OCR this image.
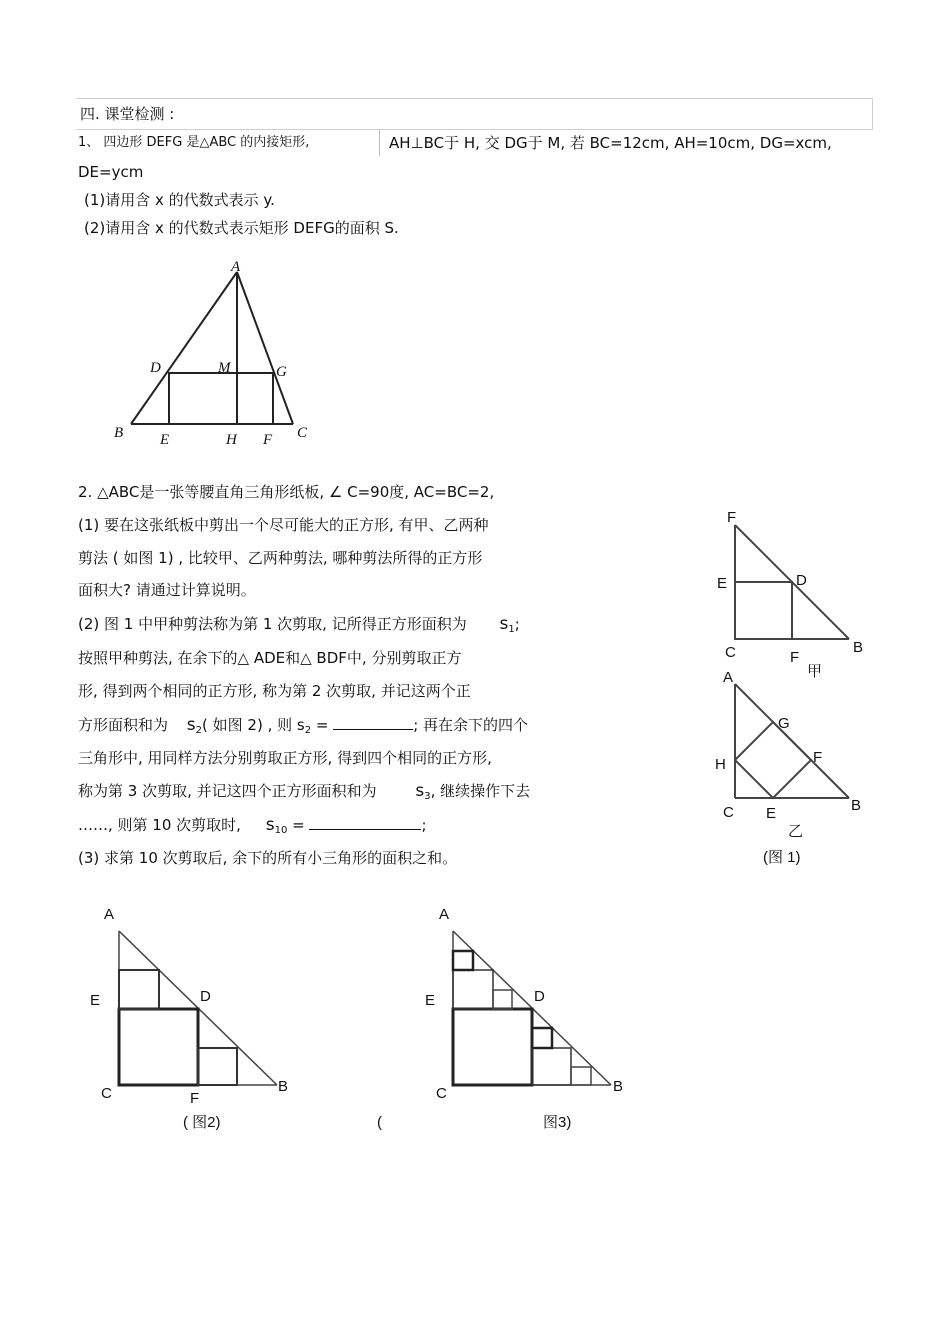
四. 课堂检测 :
1、 四边形 DEFG 是△ABC 的内接矩形,	AH⊥BC于 H, 交 DG于 M, 若 BC=12cm, AH=10cm, DG=xcm,
DE=ycm
(1)请用含 x 的代数式表示 y.
(2)请用含 x 的代数式表示矩形 DEFG的面积 S.
A
D	M	G
B E	H F C
2. △ABC是一张等腰直角三角形纸板, ∠ C=90度, AC=BC=2,
(1) 要在这张纸板中剪出一个尽可能大的正方形, 有甲、乙两种
剪法 ( 如图 1) , 比较甲、乙两种剪法, 哪种剪法所得的正方形
面积大? 请通过计算说明。
(2) 图 1 中甲种剪法称为第 1 次剪取, 记所得正方形面积为 $s_1$;
按照甲种剪法, 在余下的△ ADE和△ BDF中, 分别剪取正方
形, 得到两个相同的正方形, 称为第 2 次剪取, 并记这两个正
方形面积和为 $s_2$( 如图 2) , 则 $s_2$ =	; 再在余下的四个
三角形中, 用同样方法分别剪取正方形, 得到四个相同的正方形,
称为第 3 次剪取, 并记这四个正方形面积和为 $s_3$, 继续操作下去
……, 则第 10 次剪取时, $s_{10}$ =	;
(3) 求第 10 次剪取后, 余下的所有小三角形的面积之和。
F
E	D
C	F
B
甲
A
G
F
H
C E	B
乙
(图 1)
A
E	D
C	F
B
( 图2)
A
E	D
C	B
(	图3)
